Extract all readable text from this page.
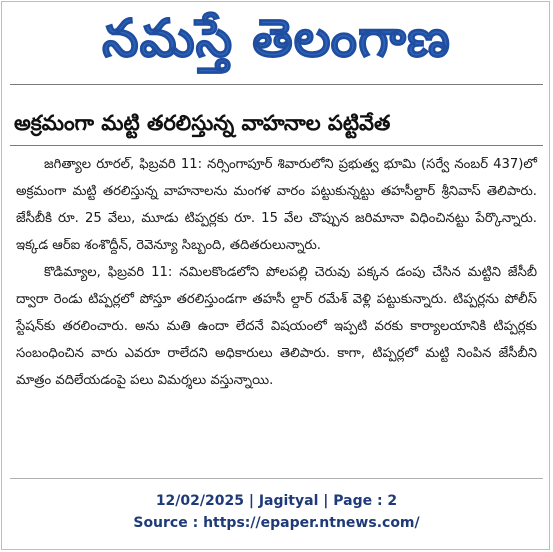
నమస్తే తెలంగాణ
అక్రమంగా మట్టి తరలిస్తున్న వాహనాల పట్టివేత

జగిత్యాల రూరల్‌, ఫిబ్రవరి 11: నర్సింగాపూర్‌ శివారులోని ప్రభుత్వ భూమి (సర్వే నంబర్‌ 437)లో అక్రమంగా మట్టి తరలిస్తున్న వాహనాలను మంగళ వారం పట్టుకున్నట్టు తహసీల్దార్‌ శ్రీనివాస్‌ తెలిపారు. జేసీబీకి రూ. 25 వేలు, మూడు టిప్పర్లకు రూ. 15 వేల చొప్పున జరిమానా విధించినట్టు పేర్కొన్నారు. ఇక్కడ ఆర్‌ఐ శంశొద్దీన్‌, రెవెన్యూ సిబ్బంది, తదితరులున్నారు.

కొడిమ్యాల, ఫిబ్రవరి 11: నమిలకొండలోని పోలపల్లి చెరువు పక్కన డంపు చేసిన మట్టిని జేసీబీ ద్వారా రెండు టిప్పర్లలో పోస్తూ తరలిస్తుండగా తహసీ ల్దార్‌ రమేశ్‌ వెళ్లి పట్టుకున్నారు. టిప్పర్లను పోలీస్‌ స్టేషన్‌కు తరలించారు. అను మతి ఉందా లేదనే విషయంలో ఇప్పటి వరకు కార్యాలయానికి టిప్పర్లకు సంబంధించిన వారు ఎవరూ రాలేదని అధికారులు తెలిపారు. కాగా, టిప్పర్లలో మట్టి నింపిన జేసీబీని మాత్రం వదిలేయడంపై పలు విమర్శలు వస్తున్నాయి.

12/02/2025 | Jagityal | Page : 2
Source : https://epaper.ntnews.com/
